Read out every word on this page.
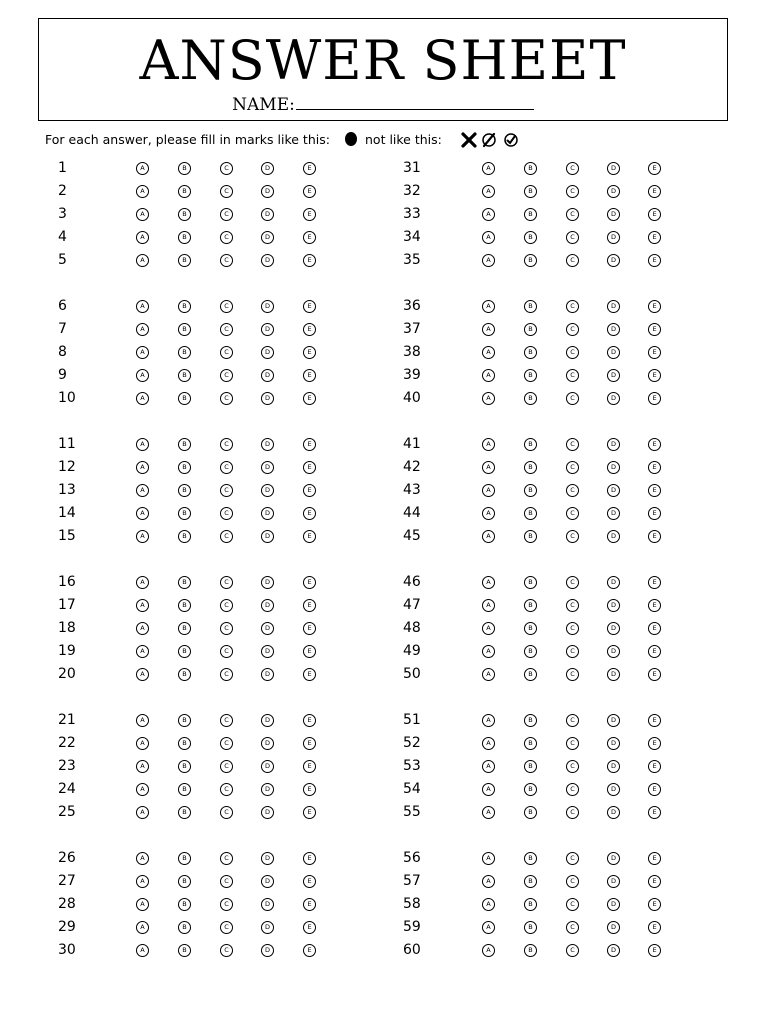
ANSWER SHEET
NAME:
For each answer, please fill in marks like this:	not like this:
1	A	B	C	D	E
2	A	B	C	D	E
3	A	B	C	D	E
4	A	B	C	D	E
5	A	B	C	D	E
6	A	B	C	D	E
7	A	B	C	D	E
8	A	B	C	D	E
9	A	B	C	D	E
10	A	B	C	D	E
11	A	B	C	D	E
12	A	B	C	D	E
13	A	B	C	D	E
14	A	B	C	D	E
15	A	B	C	D	E
16	A	B	C	D	E
17	A	B	C	D	E
18	A	B	C	D	E
19	A	B	C	D	E
20	A	B	C	D	E
21	A	B	C	D	E
22	A	B	C	D	E
23	A	B	C	D	E
24	A	B	C	D	E
25	A	B	C	D	E
26	A	B	C	D	E
27	A	B	C	D	E
28	A	B	C	D	E
29	A	B	C	D	E
30	A	B	C	D	E
31	A	B	C	D	E
32	A	B	C	D	E
33	A	B	C	D	E
34	A	B	C	D	E
35	A	B	C	D	E
36	A	B	C	D	E
37	A	B	C	D	E
38	A	B	C	D	E
39	A	B	C	D	E
40	A	B	C	D	E
41	A	B	C	D	E
42	A	B	C	D	E
43	A	B	C	D	E
44	A	B	C	D	E
45	A	B	C	D	E
46	A	B	C	D	E
47	A	B	C	D	E
48	A	B	C	D	E
49	A	B	C	D	E
50	A	B	C	D	E
51	A	B	C	D	E
52	A	B	C	D	E
53	A	B	C	D	E
54	A	B	C	D	E
55	A	B	C	D	E
56	A	B	C	D	E
57	A	B	C	D	E
58	A	B	C	D	E
59	A	B	C	D	E
60	A	B	C	D	E
